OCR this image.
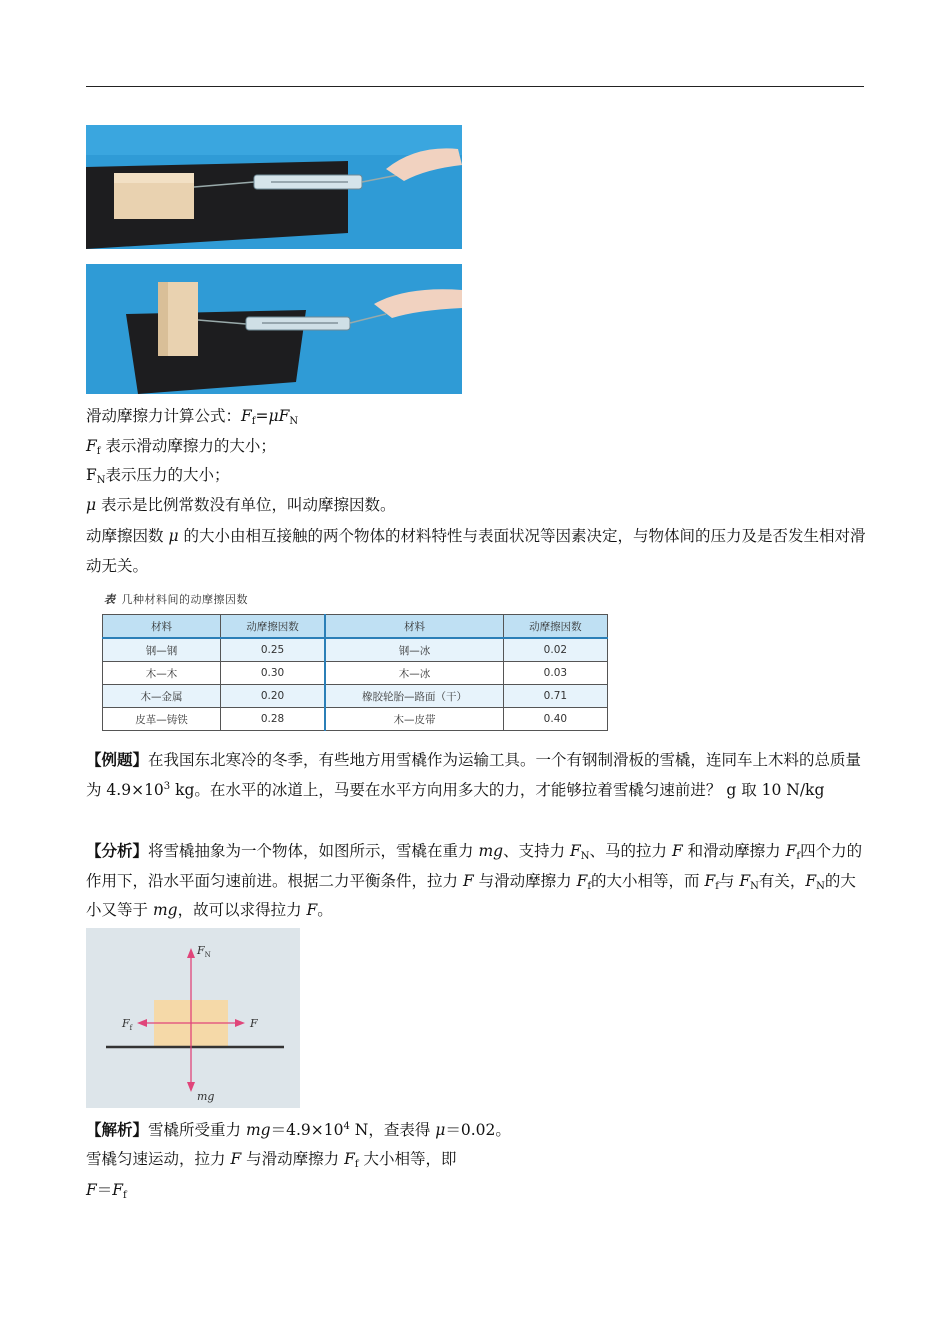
滑动摩擦力计算公式：$F_f=\mu F_N$
$F_f$ 表示滑动摩擦力的大小；
$F_N$表示压力的大小；
μ 表示是比例常数没有单位，叫动摩擦因数。
动摩擦因数 μ 的大小由相互接触的两个物体的材料特性与表面状况等因素决定，与物体间的压力及是否发生相对滑动无关。
表 几种材料间的动摩擦因数
材料	动摩擦因数	材料	动摩擦因数
钢—钢	0.25	钢—冰	0.02
木—木	0.30	木—冰	0.03
木—金属	0.20	橡胶轮胎—路面（干）	0.71
皮革—铸铁	0.28	木—皮带	0.40
【例题】在我国东北寒冷的冬季，有些地方用雪橇作为运输工具。一个有钢制滑板的雪橇，连同车上木料的总质量为 $4.9\times 10^3$ kg。在水平的冰道上，马要在水平方向用多大的力，才能够拉着雪橇匀速前进？ g 取 10 N/kg
【分析】将雪橇抽象为一个物体，如图所示，雪橇在重力 mg、支持力 $F_N$、马的拉力 F 和滑动摩擦力 $F_f$四个力的作用下，沿水平面匀速前进。根据二力平衡条件，拉力 F 与滑动摩擦力 $F_f$的大小相等，而 $F_f$与 $F_N$有关，$F_N$的大小又等于 mg，故可以求得拉力 F。
$F_N$
$F_f$	F
mg
【解析】雪橇所受重力 $mg=4.9\times 10^4$ N，查表得 μ＝0.02。
雪橇匀速运动，拉力 F 与滑动摩擦力 $F_f$ 大小相等，即
$F=F_f$
